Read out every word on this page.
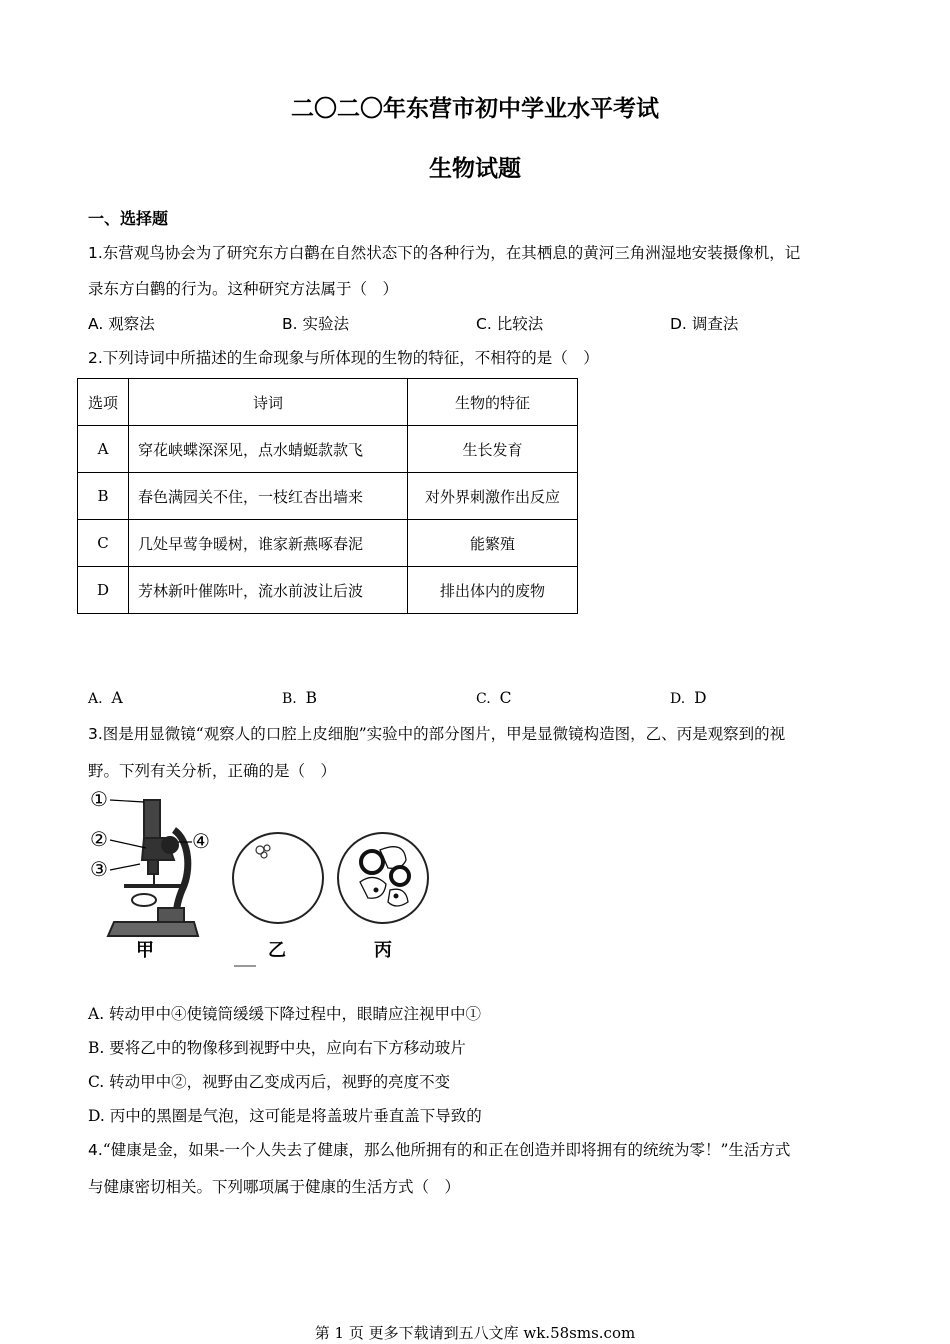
二〇二〇年东营市初中学业水平考试
生物试题
一、选择题
1.东营观鸟协会为了研究东方白鹳在自然状态下的各种行为，在其栖息的黄河三角洲湿地安装摄像机，记
录东方白鹳的行为。这种研究方法属于（　）
A. 观察法	B. 实验法	C. 比较法	D. 调查法
2.下列诗词中所描述的生命现象与所体现的生物的特征，不相符的是（　）
选项	诗词	生物的特征
A	穿花峡蝶深深见，点水蜻蜓款款飞	生长发育
B	春色满园关不住，一枝红杏出墙来	对外界刺激作出反应
C	几处早莺争暖树，谁家新燕啄春泥	能繁殖
D	芳林新叶催陈叶，流水前波让后波	排出体内的废物
A. A	B. B	C. C	D. D
3.图是用显微镜“观察人的口腔上皮细胞”实验中的部分图片，甲是显微镜构造图，乙、丙是观察到的视
野。下列有关分析，正确的是（　）
①
②
③
④
甲	乙	丙
A. 转动甲中④使镜筒缓缓下降过程中，眼睛应注视甲中①
B. 要将乙中的物像移到视野中央，应向右下方移动玻片
C. 转动甲中②，视野由乙变成丙后，视野的亮度不变
D. 丙中的黑圈是气泡，这可能是将盖玻片垂直盖下导致的
4.“健康是金，如果-一个人失去了健康，那么他所拥有的和正在创造并即将拥有的统统为零！”生活方式
与健康密切相关。下列哪项属于健康的生活方式（　）
第 1 页 更多下载请到五八文库 wk.58sms.com
